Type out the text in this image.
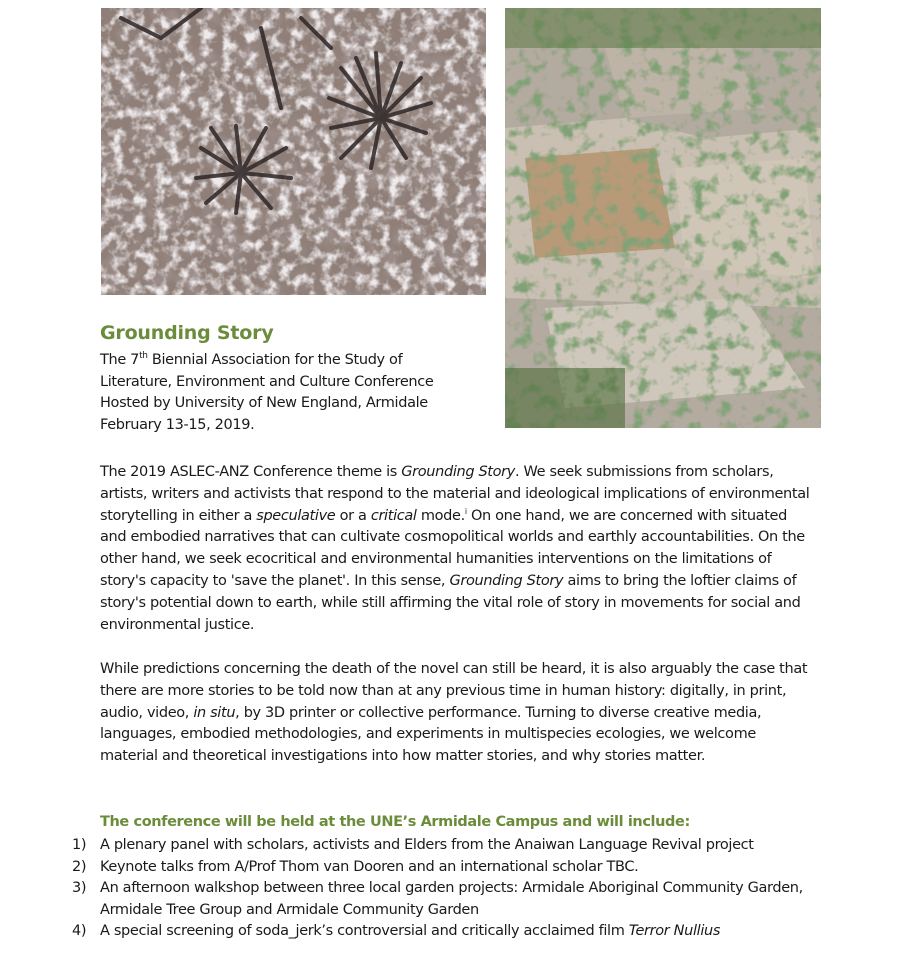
Grounding Story
The 7th Biennial Association for the Study of
Literature, Environment and Culture Conference
Hosted by University of New England, Armidale
February 13-15, 2019.
The 2019 ASLEC-ANZ Conference theme is Grounding Story. We seek submissions from scholars, artists, writers and activists that respond to the material and ideological implications of environmental storytelling in either a speculative or a critical mode.$^i$ On one hand, we are concerned with situated and embodied narratives that can cultivate cosmopolitical worlds and earthly accountabilities. On the other hand, we seek ecocritical and environmental humanities interventions on the limitations of story's capacity to 'save the planet'. In this sense, Grounding Story aims to bring the loftier claims of story's potential down to earth, while still affirming the vital role of story in movements for social and environmental justice.
While predictions concerning the death of the novel can still be heard, it is also arguably the case that there are more stories to be told now than at any previous time in human history: digitally, in print, audio, video, in situ, by 3D printer or collective performance. Turning to diverse creative media, languages, embodied methodologies, and experiments in multispecies ecologies, we welcome material and theoretical investigations into how matter stories, and why stories matter.
The conference will be held at the UNE’s Armidale Campus and will include:
1) A plenary panel with scholars, activists and Elders from the Anaiwan Language Revival project
2) Keynote talks from A/Prof Thom van Dooren and an international scholar TBC.
3) An afternoon walkshop between three local garden projects: Armidale Aboriginal Community Garden, Armidale Tree Group and Armidale Community Garden
4) A special screening of soda_jerk’s controversial and critically acclaimed film Terror Nullius
